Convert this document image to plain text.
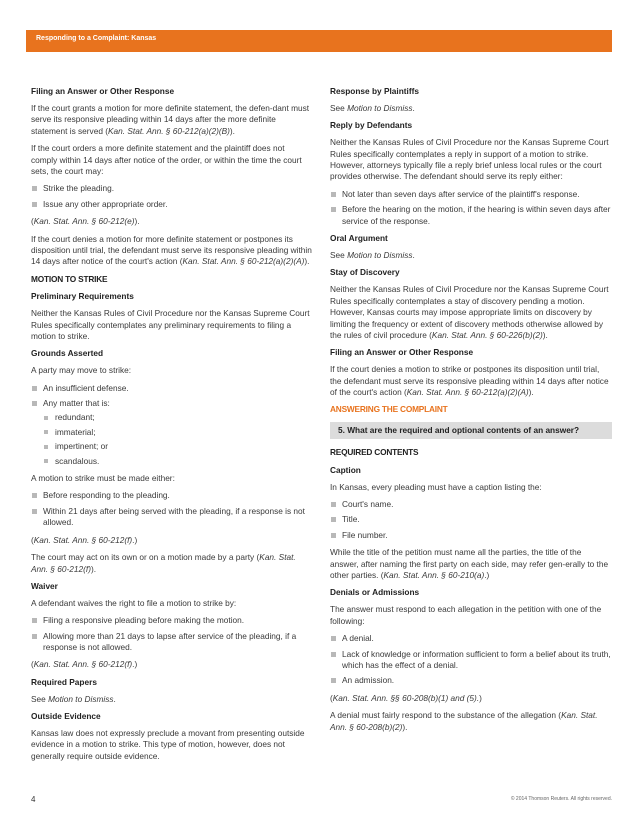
Responding to a Complaint: Kansas
Filing an Answer or Other Response
If the court grants a motion for more definite statement, the defen-dant must serve its responsive pleading within 14 days after the more definite statement is served (Kan. Stat. Ann. § 60-212(a)(2)(B)).
If the court orders a more definite statement and the plaintiff does not comply within 14 days after notice of the order, or within the time the court sets, the court may:
Strike the pleading.
Issue any other appropriate order.
(Kan. Stat. Ann. § 60-212(e)).
If the court denies a motion for more definite statement or postpones its disposition until trial, the defendant must serve its responsive pleading within 14 days after notice of the court's action (Kan. Stat. Ann. § 60-212(a)(2)(A)).
MOTION TO STRIKE
Preliminary Requirements
Neither the Kansas Rules of Civil Procedure nor the Kansas Supreme Court Rules specifically contemplates any preliminary requirements to filing a motion to strike.
Grounds Asserted
A party may move to strike:
An insufficient defense.
Any matter that is:
redundant;
immaterial;
impertinent; or
scandalous.
A motion to strike must be made either:
Before responding to the pleading.
Within 21 days after being served with the pleading, if a response is not allowed.
(Kan. Stat. Ann. § 60-212(f).)
The court may act on its own or on a motion made by a party (Kan. Stat. Ann. § 60-212(f)).
Waiver
A defendant waives the right to file a motion to strike by:
Filing a responsive pleading before making the motion.
Allowing more than 21 days to lapse after service of the pleading, if a response is not allowed.
(Kan. Stat. Ann. § 60-212(f).)
Required Papers
See Motion to Dismiss.
Outside Evidence
Kansas law does not expressly preclude a movant from presenting outside evidence in a motion to strike. This type of motion, however, does not generally require outside evidence.
Response by Plaintiffs
See Motion to Dismiss.
Reply by Defendants
Neither the Kansas Rules of Civil Procedure nor the Kansas Supreme Court Rules specifically contemplates a reply in support of a motion to strike. However, attorneys typically file a reply brief unless local rules or the court provides otherwise. The defendant should serve its reply either:
Not later than seven days after service of the plaintiff's response.
Before the hearing on the motion, if the hearing is within seven days after service of the response.
Oral Argument
See Motion to Dismiss.
Stay of Discovery
Neither the Kansas Rules of Civil Procedure nor the Kansas Supreme Court Rules specifically contemplates a stay of discovery pending a motion. However, Kansas courts may impose appropriate limits on discovery by limiting the frequency or extent of discovery methods otherwise allowed by the rules of civil procedure (Kan. Stat. Ann. § 60-226(b)(2)).
Filing an Answer or Other Response
If the court denies a motion to strike or postpones its disposition until trial, the defendant must serve its responsive pleading within 14 days after notice of the court's action (Kan. Stat. Ann. § 60-212(a)(2)(A)).
ANSWERING THE COMPLAINT
5. What are the required and optional contents of an answer?
REQUIRED CONTENTS
Caption
In Kansas, every pleading must have a caption listing the:
Court's name.
Title.
File number.
While the title of the petition must name all the parties, the title of the answer, after naming the first party on each side, may refer gen-erally to the other parties. (Kan. Stat. Ann. § 60-210(a).)
Denials or Admissions
The answer must respond to each allegation in the petition with one of the following:
A denial.
Lack of knowledge or information sufficient to form a belief about its truth, which has the effect of a denial.
An admission.
(Kan. Stat. Ann. §§ 60-208(b)(1) and (5).)
A denial must fairly respond to the substance of the allegation (Kan. Stat. Ann. § 60-208(b)(2)).
4	© 2014 Thomson Reuters. All rights reserved.
